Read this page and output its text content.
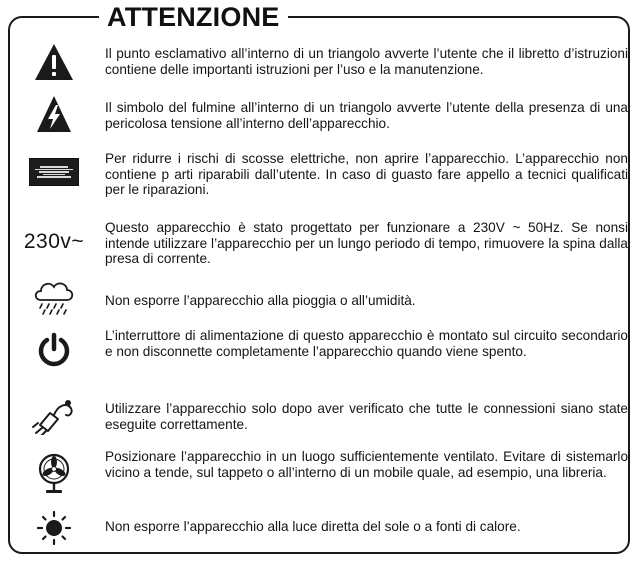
ATTENZIONE
Il punto esclamativo all’interno di un triangolo avverte l’utente che il libretto d’istruzioni contiene delle importanti istruzioni per l’uso e la manutenzione.
Il simbolo del fulmine all’interno di un triangolo avverte l’utente della presenza di una pericolosa tensione all’interno dell’apparecchio.
Per ridurre i rischi di scosse elettriche, non aprire l’apparecchio. L’apparecchio non contiene p arti riparabili dall’utente. In caso di guasto fare appello a tecnici qualificati per le riparazioni.
230v~
Questo apparecchio è stato progettato per funzionare a 230V ~ 50Hz. Se nonsi intende utilizzare l’apparecchio per un lungo periodo di tempo, rimuovere la spina dalla presa di corrente.
Non esporre l’apparecchio alla pioggia o all’umidità.
L’interruttore di alimentazione di questo apparecchio è montato sul circuito secondario e non disconnette completamente l’apparecchio quando viene spento.
Utilizzare l’apparecchio solo dopo aver verificato che tutte le connessioni siano state eseguite correttamente.
Posizionare l’apparecchio in un luogo sufficientemente ventilato. Evitare di sistemarlo vicino a tende, sul tappeto o all’interno di un mobile quale, ad esempio, una libreria.
Non esporre l’apparecchio alla luce diretta del sole o a fonti di calore.
